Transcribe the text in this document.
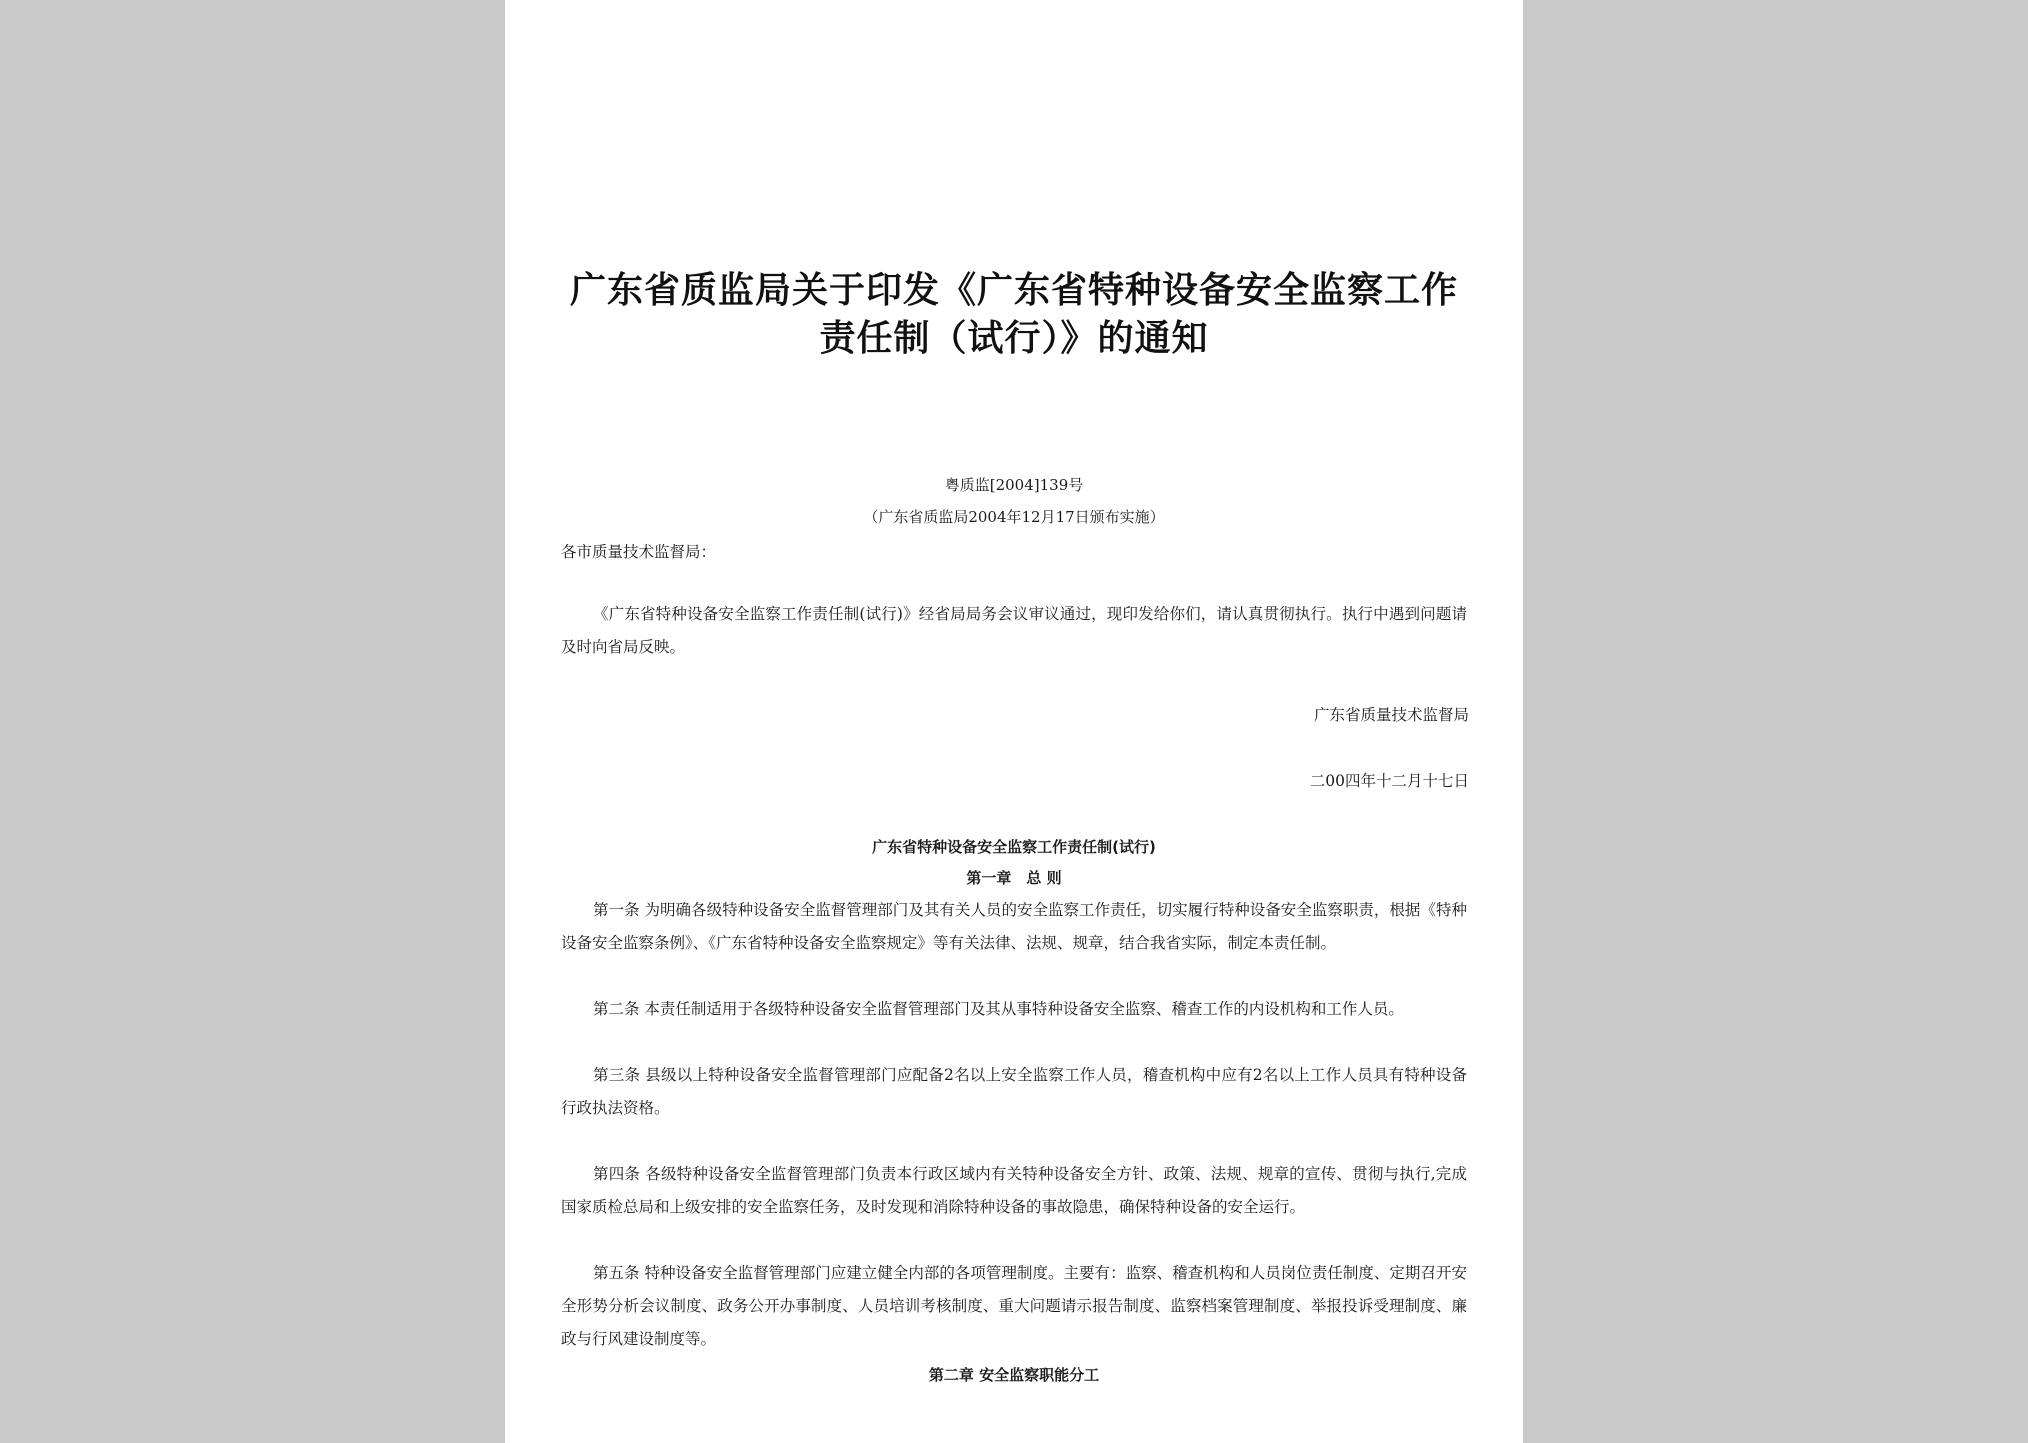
广东省质监局关于印发《广东省特种设备安全监察工作
责任制（试行）》的通知

粤质监[2004]139号

（广东省质监局2004年12月17日颁布实施）

各市质量技术监督局：

《广东省特种设备安全监察工作责任制(试行)》经省局局务会议审议通过，现印发给你们，请认真贯彻执行。执行中遇到问题请及时向省局反映。

广东省质量技术监督局

二00四年十二月十七日

广东省特种设备安全监察工作责任制(试行)

第一章　总 则

第一条 为明确各级特种设备安全监督管理部门及其有关人员的安全监察工作责任，切实履行特种设备安全监察职责，根据《特种设备安全监察条例》、《广东省特种设备安全监察规定》等有关法律、法规、规章，结合我省实际，制定本责任制。

第二条 本责任制适用于各级特种设备安全监督管理部门及其从事特种设备安全监察、稽查工作的内设机构和工作人员。

第三条 县级以上特种设备安全监督管理部门应配备2名以上安全监察工作人员，稽查机构中应有2名以上工作人员具有特种设备行政执法资格。

第四条 各级特种设备安全监督管理部门负责本行政区域内有关特种设备安全方针、政策、法规、规章的宣传、贯彻与执行,完成国家质检总局和上级安排的安全监察任务，及时发现和消除特种设备的事故隐患，确保特种设备的安全运行。

第五条 特种设备安全监督管理部门应建立健全内部的各项管理制度。主要有：监察、稽查机构和人员岗位责任制度、定期召开安全形势分析会议制度、政务公开办事制度、人员培训考核制度、重大问题请示报告制度、监察档案管理制度、举报投诉受理制度、廉政与行风建设制度等。

第二章 安全监察职能分工
